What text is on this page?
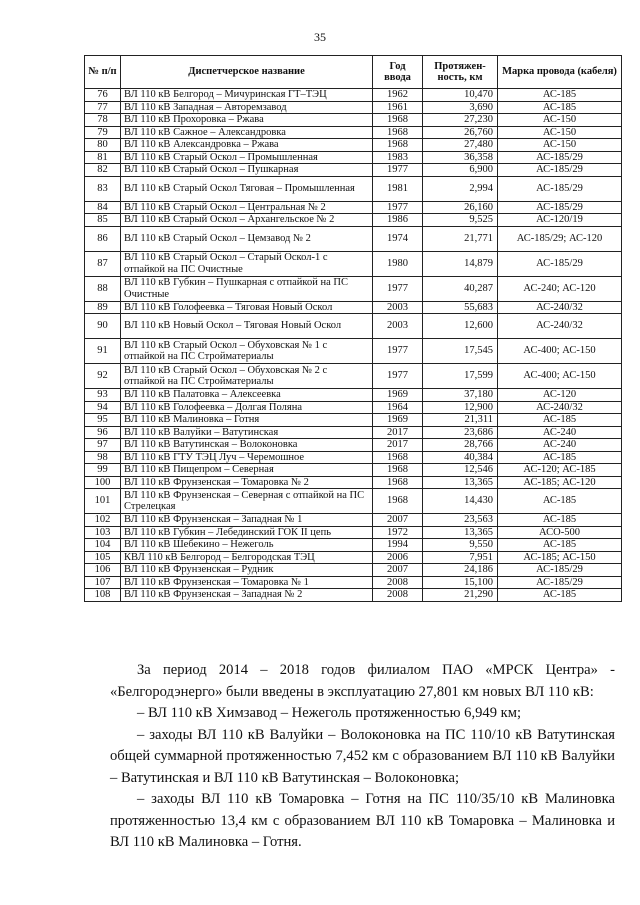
35
№ п/п	Диспетчерское название	Год ввода	Протяжен-ность, км	Марка провода (кабеля)
76	ВЛ 110 кВ Белгород – Мичуринская ГТ–ТЭЦ	1962	10,470	АС-185
77	ВЛ 110 кВ Западная – Авторемзавод	1961	3,690	АС-185
78	ВЛ 110 кВ Прохоровка – Ржава	1968	27,230	АС-150
79	ВЛ 110 кВ Сажное – Александровка	1968	26,760	АС-150
80	ВЛ 110 кВ Александровка – Ржава	1968	27,480	АС-150
81	ВЛ 110 кВ Старый Оскол – Промышленная	1983	36,358	АС-185/29
82	ВЛ 110 кВ Старый Оскол – Пушкарная	1977	6,900	АС-185/29
83	ВЛ 110 кВ Старый Оскол Тяговая – Промышленная	1981	2,994	АС-185/29
84	ВЛ 110 кВ Старый Оскол – Центральная № 2	1977	26,160	АС-185/29
85	ВЛ 110 кВ Старый Оскол – Архангельское № 2	1986	9,525	АС-120/19
86	ВЛ 110 кВ Старый Оскол – Цемзавод № 2	1974	21,771	АС-185/29; АС-120
87	ВЛ 110 кВ Старый Оскол – Старый Оскол-1 с отпайкой на ПС Очистные	1980	14,879	АС-185/29
88	ВЛ 110 кВ Губкин – Пушкарная с отпайкой на ПС Очистные	1977	40,287	АС-240; АС-120
89	ВЛ 110 кВ Голофеевка – Тяговая Новый Оскол	2003	55,683	АС-240/32
90	ВЛ 110 кВ Новый Оскол – Тяговая Новый Оскол	2003	12,600	АС-240/32
91	ВЛ 110 кВ Старый Оскол – Обуховская № 1 с отпайкой на ПС Стройматериалы	1977	17,545	АС-400; АС-150
92	ВЛ 110 кВ Старый Оскол – Обуховская № 2 с отпайкой на ПС Стройматериалы	1977	17,599	АС-400; АС-150
93	ВЛ 110 кВ Палатовка – Алексеевка	1969	37,180	АС-120
94	ВЛ 110 кВ Голофеевка – Долгая Поляна	1964	12,900	АС-240/32
95	ВЛ 110 кВ Малиновка – Готня	1969	21,311	АС-185
96	ВЛ 110 кВ Валуйки – Ватутинская	2017	23,686	АС-240
97	ВЛ 110 кВ Ватутинская – Волоконовка	2017	28,766	АС-240
98	ВЛ 110 кВ ГТУ ТЭЦ Луч – Черемошное	1968	40,384	АС-185
99	ВЛ 110 кВ Пищепром – Северная	1968	12,546	АС-120; АС-185
100	ВЛ 110 кВ Фрунзенская – Томаровка № 2	1968	13,365	АС-185; АС-120
101	ВЛ 110 кВ Фрунзенская – Северная с отпайкой на ПС Стрелецкая	1968	14,430	АС-185
102	ВЛ 110 кВ Фрунзенская – Западная № 1	2007	23,563	АС-185
103	ВЛ 110 кВ Губкин – Лебединский ГОК II цепь	1972	13,365	АСО-500
104	ВЛ 110 кВ Шебекино – Нежеголь	1994	9,550	АС-185
105	КВЛ 110 кВ Белгород – Белгородская ТЭЦ	2006	7,951	АС-185; АС-150
106	ВЛ 110 кВ Фрунзенская – Рудник	2007	24,186	АС-185/29
107	ВЛ 110 кВ Фрунзенская – Томаровка № 1	2008	15,100	АС-185/29
108	ВЛ 110 кВ Фрунзенская – Западная № 2	2008	21,290	АС-185

За период 2014 – 2018 годов филиалом ПАО «МРСК Центра» - «Белгородэнерго» были введены в эксплуатацию 27,801 км новых ВЛ 110 кВ:

– ВЛ 110 кВ Химзавод – Нежеголь протяженностью 6,949 км;

– заходы ВЛ 110 кВ Валуйки – Волоконовка на ПС 110/10 кВ Ватутинская общей суммарной протяженностью 7,452 км с образованием ВЛ 110 кВ Валуйки – Ватутинская и ВЛ 110 кВ Ватутинская – Волоконовка;

– заходы ВЛ 110 кВ Томаровка – Готня на ПС 110/35/10 кВ Малиновка протяженностью 13,4 км с образованием ВЛ 110 кВ Томаровка – Малиновка и ВЛ 110 кВ Малиновка – Готня.
